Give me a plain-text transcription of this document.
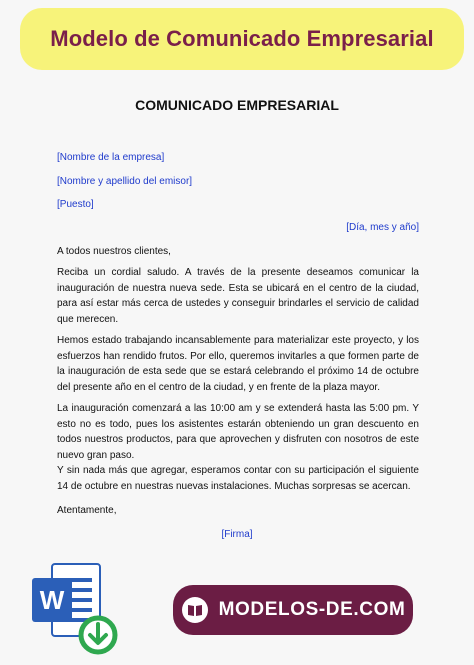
Modelo de Comunicado Empresarial
COMUNICADO EMPRESARIAL
[Nombre de la empresa]
[Nombre y apellido del emisor]
[Puesto]
[Día, mes y año]
A todos nuestros clientes,
Reciba un cordial saludo. A través de la presente deseamos comunicar la inauguración de nuestra nueva sede. Esta se ubicará en el centro de la ciudad, para así estar más cerca de ustedes y conseguir brindarles el servicio de calidad que merecen.
Hemos estado trabajando incansablemente para materializar este proyecto, y los esfuerzos han rendido frutos. Por ello, queremos invitarles a que formen parte de la inauguración de esta sede que se estará celebrando el próximo 14 de octubre del presente año en el centro de la ciudad, y en frente de la plaza mayor.
La inauguración comenzará a las 10:00 am y se extenderá hasta las 5:00 pm. Y esto no es todo, pues los asistentes estarán obteniendo un gran descuento en todos nuestros productos, para que aprovechen y disfruten con nosotros de este nuevo gran paso.
Y sin nada más que agregar, esperamos contar con su participación el siguiente 14 de octubre en nuestras nuevas instalaciones. Muchas sorpresas se acercan.
Atentamente,
[Firma]
W	MODELOS-DE.COM
